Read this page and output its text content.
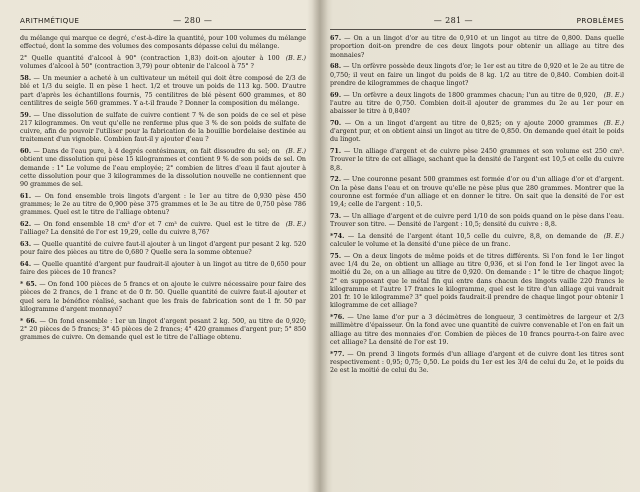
ARITHMÉTIQUE	— 280 —

du mélange qui marque ce degré, c'est-à-dire la quantité, pour 100 volumes du mélange effectué, dont la somme des volumes des composants dépasse celui du mélange.

(B. E.)
2° Quelle quantité d'alcool à 90° (contraction 1,83) doit-on ajouter à 100 volumes d'alcool à 50° (contraction 3,79) pour obtenir de l'alcool à 75° ?

58. — Un meunier a acheté à un cultivateur un méteil qui doit être composé de 2/3 de blé et 1/3 du seigle. Il en pèse 1 hect. 1/2 et trouve un poids de 113 kg. 500. D'autre part d'après les échantillons fournis, 75 centilitres de blé pèsent 600 grammes, et 80 centilitres de seigle 560 grammes. Y a-t-il fraude ? Donner la composition du mélange.

59. — Une dissolution de sulfate de cuivre contient 7 % de son poids de ce sel et pèse 217 kilogrammes. On veut qu'elle ne renferme plus que 3 % de son poids de sulfate de cuivre, afin de pouvoir l'utiliser pour la fabrication de la bouillie bordelaise destinée au traitement d'un vignoble. Combien faut-il y ajouter d'eau ?

(B. E.)
60. — Dans de l'eau pure, à 4 degrés centésimaux, on fait dissoudre du sel; on obtient une dissolution qui pèse 15 kilogrammes et contient 9 % de son poids de sel. On demande : 1° Le volume de l'eau employée; 2° combien de litres d'eau il faut ajouter à cette dissolution pour que 3 kilogrammes de la dissolution nouvelle ne contiennent que 90 grammes de sel.

61. — On fond ensemble trois lingots d'argent : le 1er au titre de 0,930 pèse 450 grammes; le 2e au titre de 0,900 pèse 375 grammes et le 3e au titre de 0,750 pèse 786 grammes. Quel est le titre de l'alliage obtenu?

(B. E.)
62. — On fond ensemble 18 cm³ d'or et 7 cm³ de cuivre. Quel est le titre de l'alliage? La densité de l'or est 19,29, celle du cuivre 8,76?

63. — Quelle quantité de cuivre faut-il ajouter à un lingot d'argent pur pesant 2 kg. 520 pour faire des pièces au titre de 0,680 ? Quelle sera la somme obtenue?

64. — Quelle quantité d'argent pur faudrait-il ajouter à un lingot au titre de 0,650 pour faire des pièces de 10 francs?

* 65. — On fond 100 pièces de 5 francs et on ajoute le cuivre nécessaire pour faire des pièces de 2 francs, de 1 franc et de 0 fr. 50. Quelle quantité de cuivre faut-il ajouter et quel sera le bénéfice réalisé, sachant que les frais de fabrication sont de 1 fr. 50 par kilogramme d'argent monnayé?

* 66. — On fond ensemble : 1er un lingot d'argent pesant 2 kg. 500, au titre de 0,920; 2° 20 pièces de 5 francs; 3° 45 pièces de 2 francs; 4° 420 grammes d'argent pur; 5° 850 grammes de cuivre. On demande quel est le titre de l'alliage obtenu.

— 281 —	PROBLÈMES

67. — On a un lingot d'or au titre de 0,910 et un lingot au titre de 0,800. Dans quelle proportion doit-on prendre de ces deux lingots pour obtenir un alliage au titre des monnaies?

68. — Un orfèvre possède deux lingots d'or; le 1er est au titre de 0,920 et le 2e au titre de 0,750; il veut en faire un lingot du poids de 8 kg. 1/2 au titre de 0,840. Combien doit-il prendre de kilogrammes de chaque lingot?

(B. E.)
69. — Un orfèvre a deux lingots de 1800 grammes chacun; l'un au titre de 0,920, l'autre au titre de 0,750. Combien doit-il ajouter de grammes du 2e au 1er pour en abaisser le titre à 0,840?

(B. E.)
70. — On a un lingot d'argent au titre de 0,825; on y ajoute 2000 grammes d'argent pur, et on obtient ainsi un lingot au titre de 0,850. On demande quel était le poids du lingot.

71. — Un alliage d'argent et de cuivre pèse 2450 grammes et son volume est 250 cm³. Trouver le titre de cet alliage, sachant que la densité de l'argent est 10,5 et celle du cuivre 8,8.

72. — Une couronne pesant 500 grammes est formée d'or ou d'un alliage d'or et d'argent. On la pèse dans l'eau et on trouve qu'elle ne pèse plus que 280 grammes. Montrer que la couronne est formée d'un alliage et en donner le titre. On sait que la densité de l'or est 19,4; celle de l'argent : 10,5.

73. — Un alliage d'argent et de cuivre perd 1/10 de son poids quand on le pèse dans l'eau. Trouver son titre. — Densité de l'argent : 10,5; densité du cuivre : 8,8.

(B. E.)
*74. — La densité de l'argent étant 10,5 celle du cuivre, 8,8, on demande de calculer le volume et la densité d'une pièce de un franc.

75. — On a deux lingots de même poids et de titres différents. Si l'on fond le 1er lingot avec 1/4 du 2e, on obtient un alliage au titre 0,936, et si l'on fond le 1er lingot avec la moitié du 2e, on a un alliage au titre de 0,920. On demande : 1° le titre de chaque lingot; 2° en supposant que le métal fin qui entre dans chacun des lingots vaille 220 francs le kilogramme et l'autre 17 francs le kilogramme, quel est le titre d'un alliage qui vaudrait 201 fr. 10 le kilogramme? 3° quel poids faudrait-il prendre de chaque lingot pour obtenir 1 kilogramme de cet alliage?

*76. — Une lame d'or pur a 3 décimètres de longueur, 3 centimètres de largeur et 2/3 millimètre d'épaisseur. On la fond avec une quantité de cuivre convenable et l'on en fait un alliage au titre des monnaies d'or. Combien de pièces de 10 francs pourra-t-on faire avec cet alliage? La densité de l'or est 19.

*77. — On prend 3 lingots formés d'un alliage d'argent et de cuivre dont les titres sont respectivement : 0,95; 0,75; 0,50. Le poids du 1er est les 3/4 de celui du 2e, et le poids du 2e est la moitié de celui du 3e.
